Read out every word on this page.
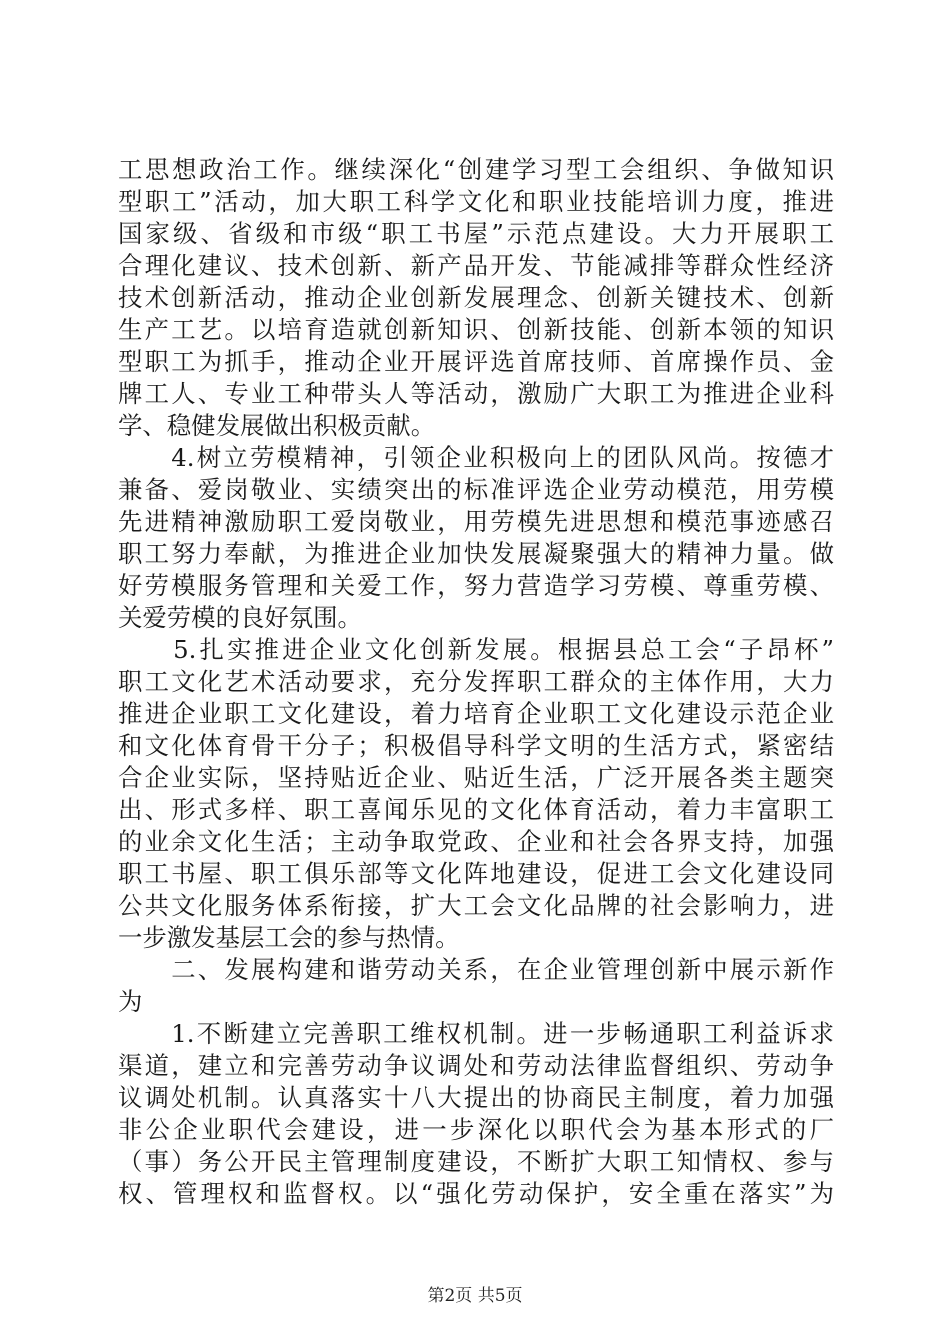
工思想政治工作。继续深化“创建学习型工会组织、争做知识
型职工”活动，加大职工科学文化和职业技能培训力度，推进
国家级、省级和市级“职工书屋”示范点建设。大力开展职工
合理化建议、技术创新、新产品开发、节能减排等群众性经济
技术创新活动，推动企业创新发展理念、创新关键技术、创新
生产工艺。以培育造就创新知识、创新技能、创新本领的知识
型职工为抓手，推动企业开展评选首席技师、首席操作员、金
牌工人、专业工种带头人等活动，激励广大职工为推进企业科
学、稳健发展做出积极贡献。
　　4.树立劳模精神，引领企业积极向上的团队风尚。按德才
兼备、爱岗敬业、实绩突出的标准评选企业劳动模范，用劳模
先进精神激励职工爱岗敬业，用劳模先进思想和模范事迹感召
职工努力奉献，为推进企业加快发展凝聚强大的精神力量。做
好劳模服务管理和关爱工作，努力营造学习劳模、尊重劳模、
关爱劳模的良好氛围。
　　5.扎实推进企业文化创新发展。根据县总工会“子昂杯”
职工文化艺术活动要求，充分发挥职工群众的主体作用，大力
推进企业职工文化建设，着力培育企业职工文化建设示范企业
和文化体育骨干分子；积极倡导科学文明的生活方式，紧密结
合企业实际，坚持贴近企业、贴近生活，广泛开展各类主题突
出、形式多样、职工喜闻乐见的文化体育活动，着力丰富职工
的业余文化生活；主动争取党政、企业和社会各界支持，加强
职工书屋、职工俱乐部等文化阵地建设，促进工会文化建设同
公共文化服务体系衔接，扩大工会文化品牌的社会影响力，进
一步激发基层工会的参与热情。
　　二、发展构建和谐劳动关系，在企业管理创新中展示新作
为
　　1.不断建立完善职工维权机制。进一步畅通职工利益诉求
渠道，建立和完善劳动争议调处和劳动法律监督组织、劳动争
议调处机制。认真落实十八大提出的协商民主制度，着力加强
非公企业职代会建设，进一步深化以职代会为基本形式的厂
（事）务公开民主管理制度建设，不断扩大职工知情权、参与
权、管理权和监督权。以“强化劳动保护，安全重在落实”为
第2页 共5页
